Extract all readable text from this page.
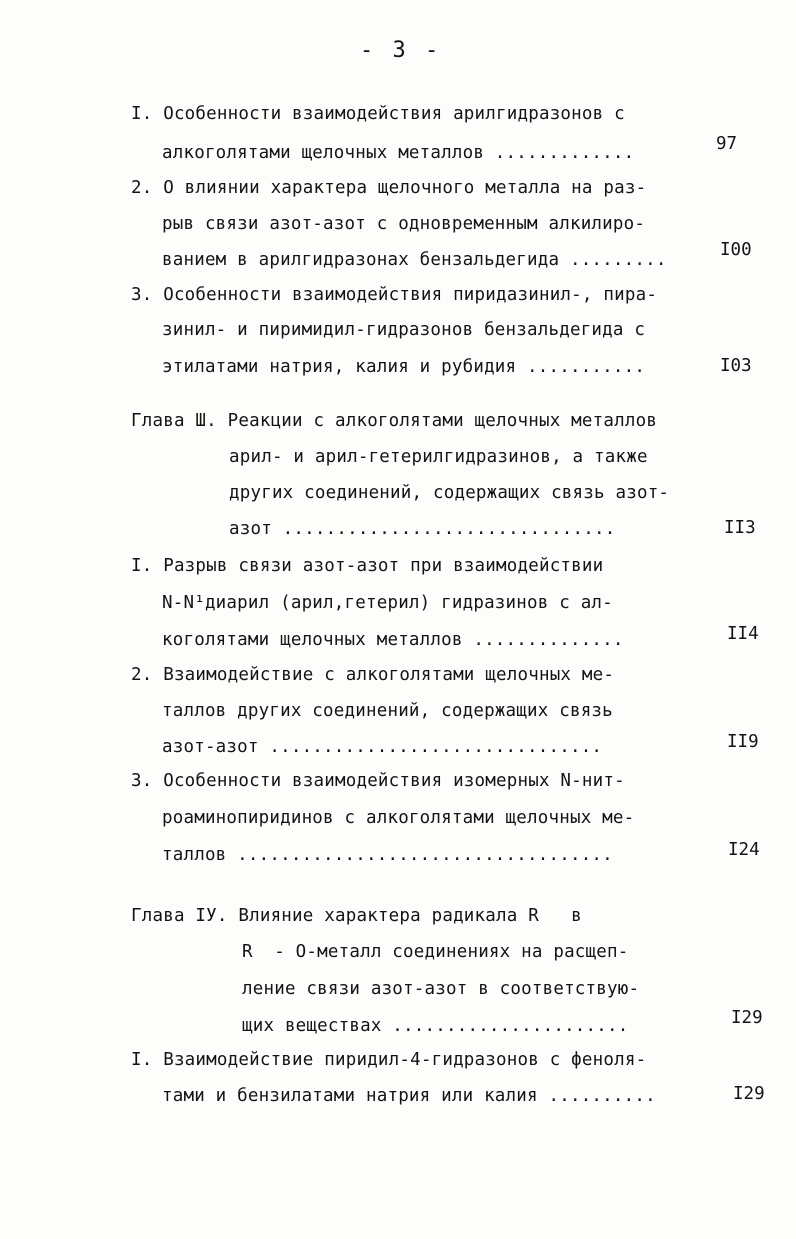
- 3 -
I. Особенности взаимодействия арилгидразонов с
алкоголятами щелочных металлов .............	97
2. О влиянии характера щелочного металла на раз-
рыв связи азот-азот с одновременным алкилиро-
ванием в арилгидразонах бензальдегида .........	I00
3. Особенности взаимодействия пиридазинил-, пира-
зинил- и пиримидил-гидразонов бензальдегида с
этилатами натрия, калия и рубидия ...........	I03
Глава Ш. Реакции с алкоголятами щелочных металлов
арил- и арил-гетерилгидразинов, а также
других соединений, содержащих связь азот-
азот ...............................	II3
I. Разрыв связи азот-азот при взаимодействии
N-N¹диарил (арил,гетерил) гидразинов с ал-
коголятами щелочных металлов ..............	II4
2. Взаимодействие с алкоголятами щелочных ме-
таллов других соединений, содержащих связь
азот-азот ...............................	II9
3. Особенности взаимодействия изомерных N-нит-
роаминопиридинов с алкоголятами щелочных ме-
таллов ...................................	I24
Глава IУ. Влияние характера радикала R   в
R  - О-металл соединениях на расщеп-
ление связи азот-азот в соответствую-
щих веществах ......................	I29
I. Взаимодействие пиридил-4-гидразонов с феноля-
тами и бензилатами натрия или калия ..........	I29
